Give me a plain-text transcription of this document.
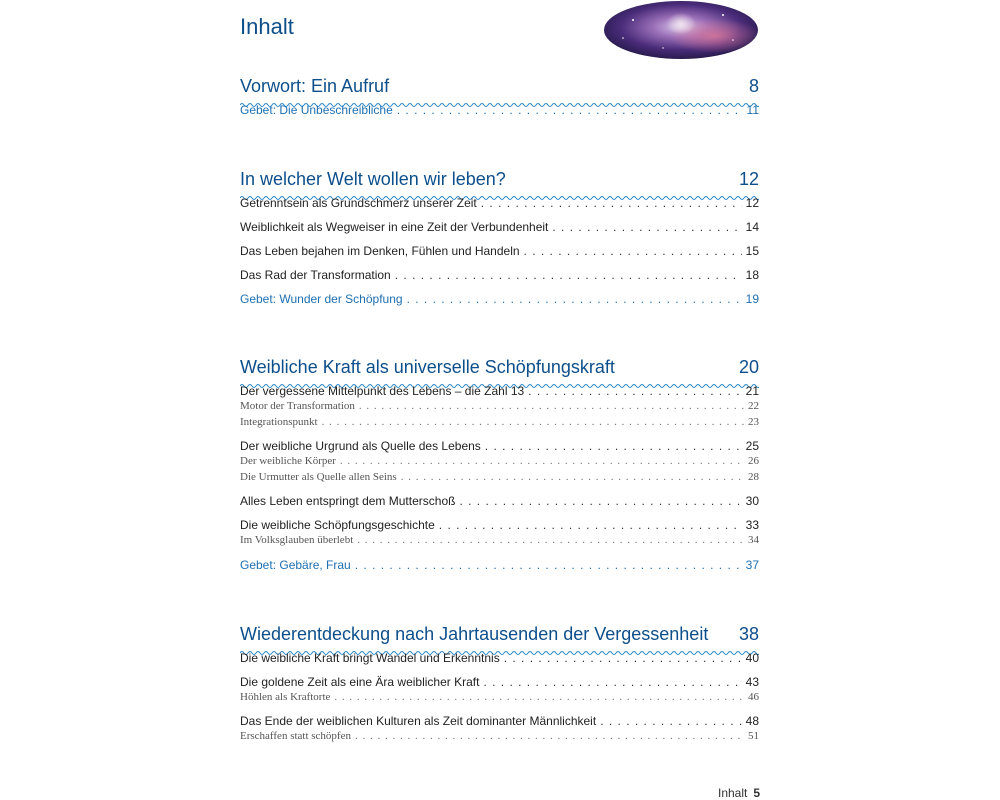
Inhalt
Vorwort: Ein Aufruf	8
Gebet: Die Unbeschreibliche . . .	11
In welcher Welt wollen wir leben?	12
Getrenntsein als Grundschmerz unserer Zeit . . .	12
Weiblichkeit als Wegweiser in eine Zeit der Verbundenheit . . .	14
Das Leben bejahen im Denken, Fühlen und Handeln . . .	15
Das Rad der Transformation . . .	18
Gebet: Wunder der Schöpfung . . .	19
Weibliche Kraft als universelle Schöpfungskraft	20
Der vergessene Mittelpunkt des Lebens – die Zahl 13 . . .	21
Motor der Transformation . . .	22
Integrationspunkt . . .	23
Der weibliche Urgrund als Quelle des Lebens . . .	25
Der weibliche Körper . . .	26
Die Urmutter als Quelle allen Seins . . .	28
Alles Leben entspringt dem Mutterschoß . . .	30
Die weibliche Schöpfungsgeschichte . . .	33
Im Volksglauben überlebt . . .	34
Gebet: Gebäre, Frau . . .	37
Wiederentdeckung nach Jahrtausenden der Vergessenheit 38
Die weibliche Kraft bringt Wandel und Erkenntnis . . .	40
Die goldene Zeit als eine Ära weiblicher Kraft . . .	43
Höhlen als Kraftorte . . .	46
Das Ende der weiblichen Kulturen als Zeit dominanter Männlichkeit . . .	48
Erschaffen statt schöpfen . . .	51
Inhalt 5
